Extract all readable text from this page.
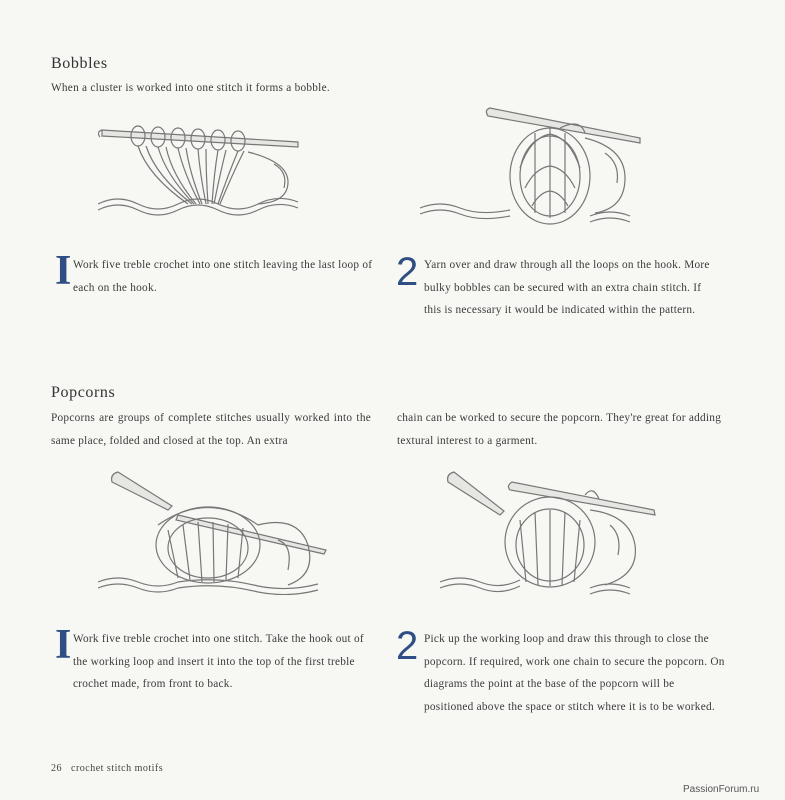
Bobbles
When a cluster is worked into one stitch it forms a bobble.
I Work five treble crochet into one stitch leaving the last loop of each on the hook.	2 Yarn over and draw through all the loops on the hook. More bulky bobbles can be secured with an extra chain stitch. If this is necessary it would be indicated within the pattern.
Popcorns
Popcorns are groups of complete stitches usually worked into the same place, folded and closed at the top. An extra
chain can be worked to secure the popcorn. They're great for adding textural interest to a garment.
I Work five treble crochet into one stitch. Take the hook out of the working loop and insert it into the top of the first treble crochet made, from front to back.
2 Pick up the working loop and draw this through to close the popcorn. If required, work one chain to secure the popcorn. On diagrams the point at the base of the popcorn will be positioned above the space or stitch where it is to be worked.
26 crochet stitch motifs
PassionForum.ru
